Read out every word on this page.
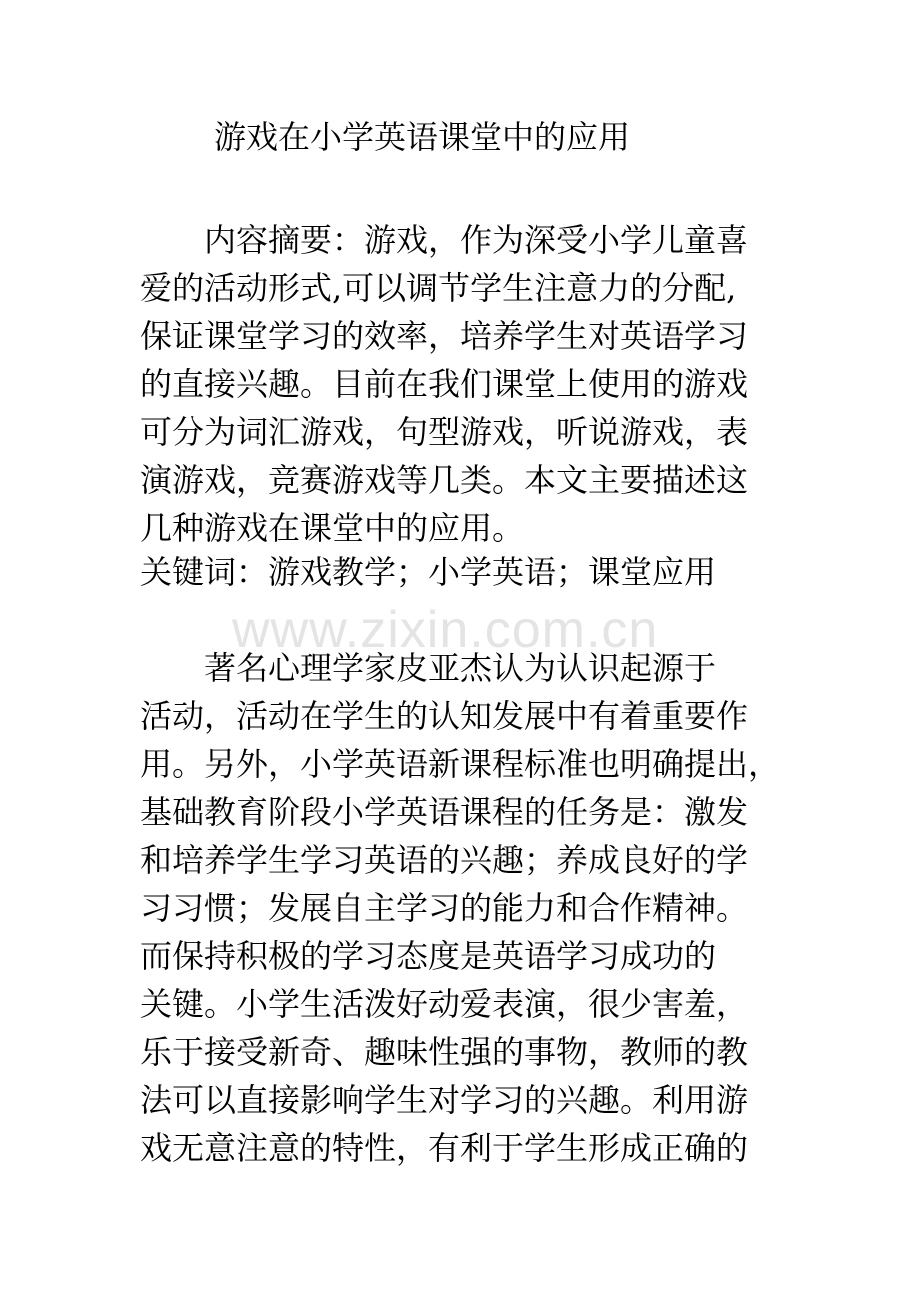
www.zixin.com.cn
游戏在小学英语课堂中的应用
　　内容摘要：游戏，作为深受小学儿童喜
爱的活动形式,可以调节学生注意力的分配,
保证课堂学习的效率，培养学生对英语学习
的直接兴趣。目前在我们课堂上使用的游戏
可分为词汇游戏，句型游戏，听说游戏，表
演游戏，竞赛游戏等几类。本文主要描述这
几种游戏在课堂中的应用。
关键词：游戏教学；小学英语；课堂应用
　　著名心理学家皮亚杰认为认识起源于
活动，活动在学生的认知发展中有着重要作
用。另外，小学英语新课程标准也明确提出，
基础教育阶段小学英语课程的任务是：激发
和培养学生学习英语的兴趣；养成良好的学
习习惯；发展自主学习的能力和合作精神。
而保持积极的学习态度是英语学习成功的
关键。小学生活泼好动爱表演，很少害羞，
乐于接受新奇、趣味性强的事物，教师的教
法可以直接影响学生对学习的兴趣。利用游
戏无意注意的特性，有利于学生形成正确的
